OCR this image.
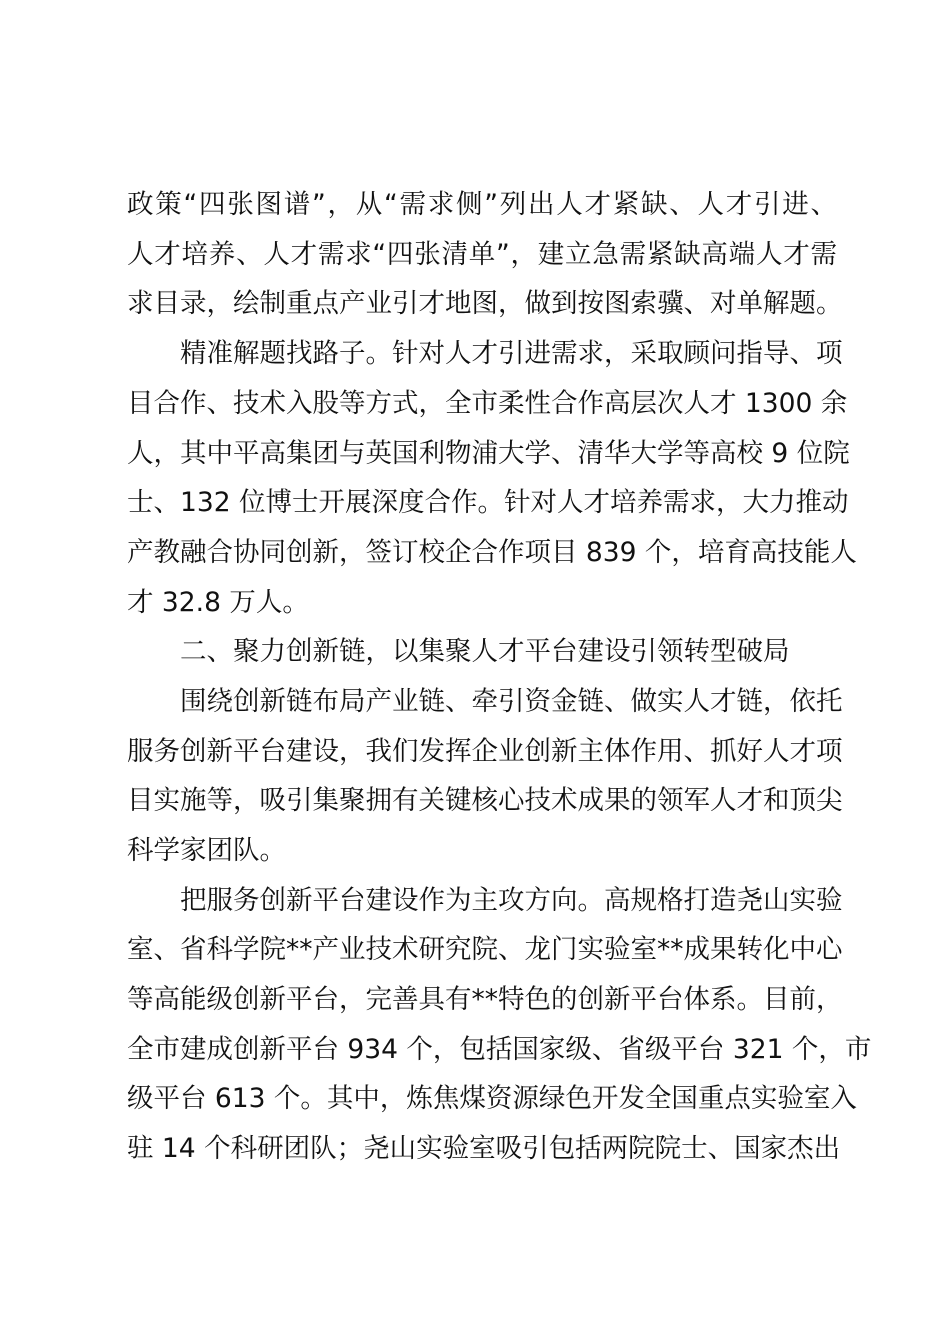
政策“四张图谱”，从“需求侧”列出人才紧缺、人才引进、
人才培养、人才需求“四张清单”，建立急需紧缺高端人才需
求目录，绘制重点产业引才地图，做到按图索骥、对单解题。
精准解题找路子。针对人才引进需求，采取顾问指导、项
目合作、技术入股等方式，全市柔性合作高层次人才 1300 余
人，其中平高集团与英国利物浦大学、清华大学等高校 9 位院
士、132 位博士开展深度合作。针对人才培养需求，大力推动
产教融合协同创新，签订校企合作项目 839 个，培育高技能人
才 32.8 万人。
二、聚力创新链，以集聚人才平台建设引领转型破局
围绕创新链布局产业链、牵引资金链、做实人才链，依托
服务创新平台建设，我们发挥企业创新主体作用、抓好人才项
目实施等，吸引集聚拥有关键核心技术成果的领军人才和顶尖
科学家团队。
把服务创新平台建设作为主攻方向。高规格打造尧山实验
室、省科学院**产业技术研究院、龙门实验室**成果转化中心
等高能级创新平台，完善具有**特色的创新平台体系。目前，
全市建成创新平台 934 个，包括国家级、省级平台 321 个，市
级平台 613 个。其中，炼焦煤资源绿色开发全国重点实验室入
驻 14 个科研团队；尧山实验室吸引包括两院院士、国家杰出
